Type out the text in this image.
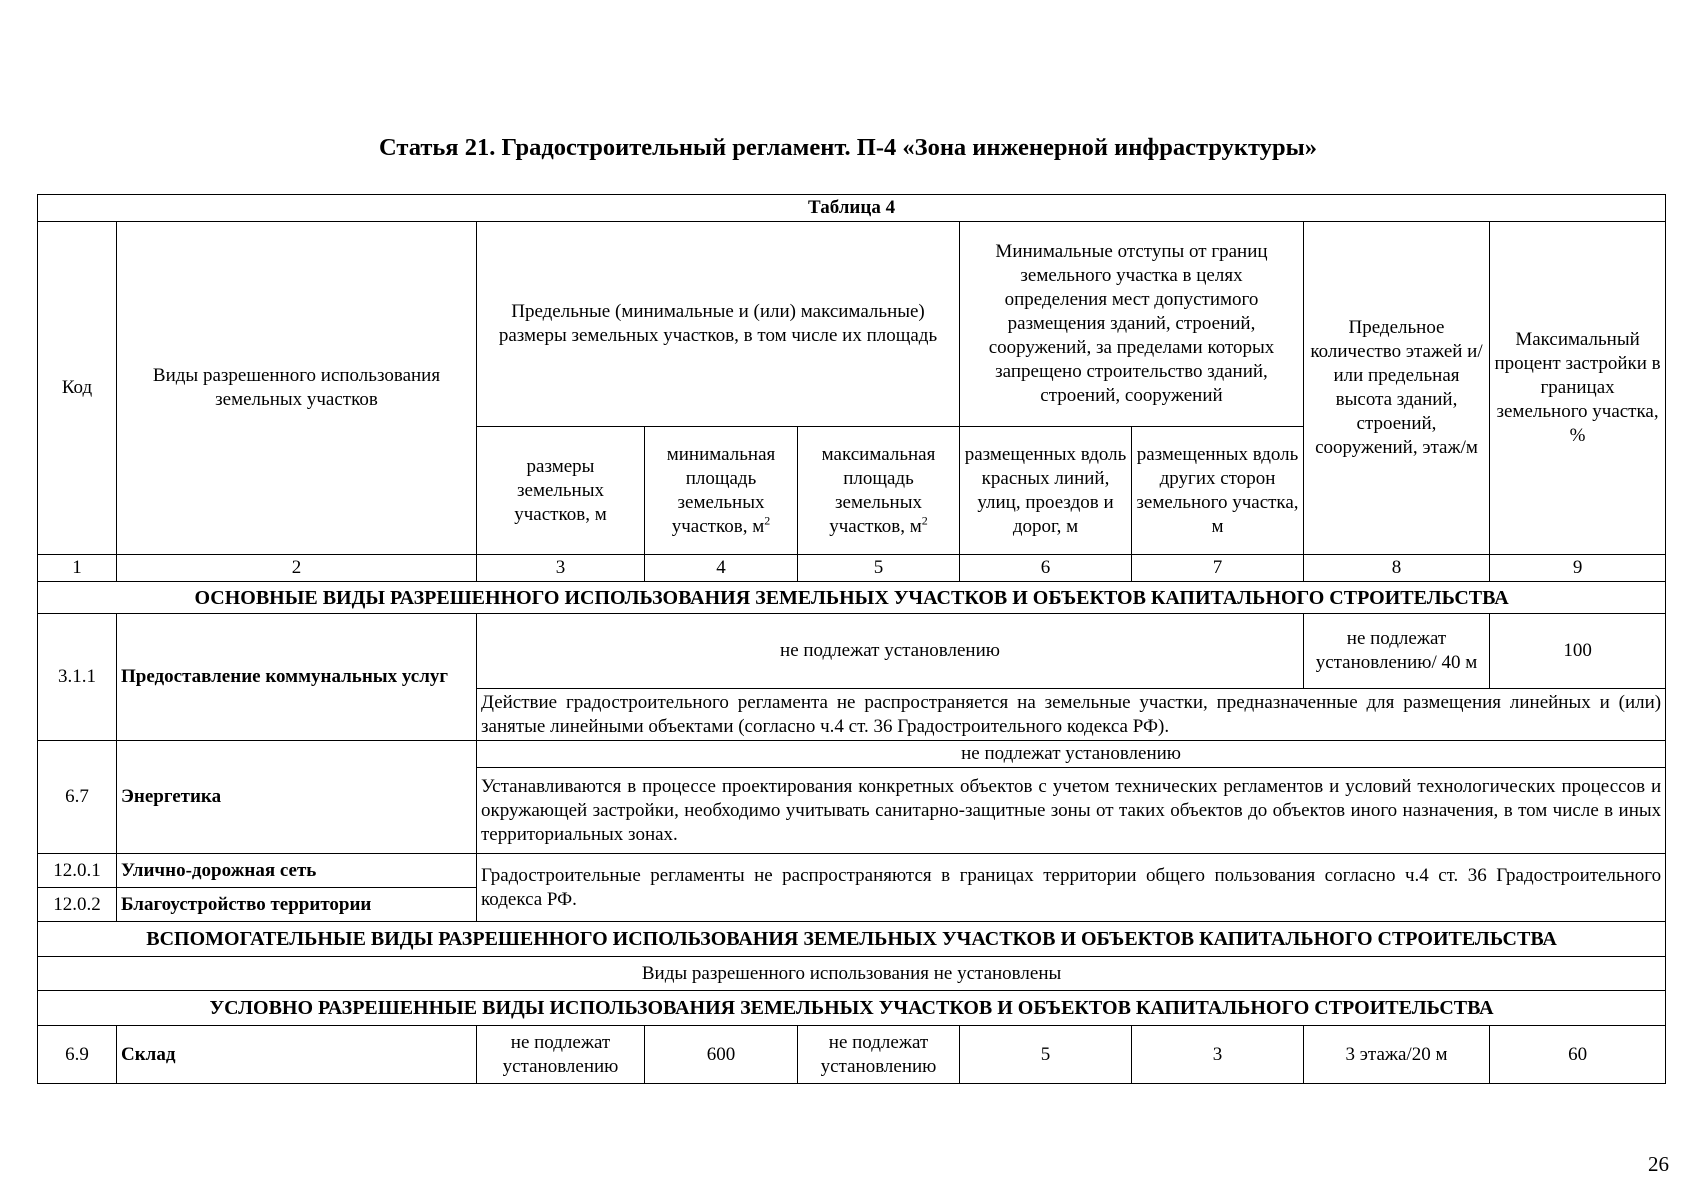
Статья 21. Градостроительный регламент. П-4 «Зона инженерной инфраструктуры»
Таблица 4								
Код	Виды разрешенного использования земельных участков	Предельные (минимальные и (или) максимальные) размеры земельных участков, в том числе их площадь			Минимальные отступы от границ земельного участка в целях определения мест допустимого размещения зданий, строений, сооружений, за пределами которых запрещено строительство зданий, строений, сооружений		Предельное количество этажей и/или предельная высота зданий, строений, сооружений, этаж/м	Максимальный процент застройки в границах земельного участка, %
		размеры земельных участков, м	минимальная площадь земельных участков, $м^2$	максимальная площадь земельных участков, $м^2$	размещенных вдоль красных линий, улиц, проездов и дорог, м	размещенных вдоль других сторон земельного участка, м		
1	2	3	4	5	6	7	8	9
ОСНОВНЫЕ ВИДЫ РАЗРЕШЕННОГО ИСПОЛЬЗОВАНИЯ ЗЕМЕЛЬНЫХ УЧАСТКОВ И ОБЪЕКТОВ КАПИТАЛЬНОГО СТРОИТЕЛЬСТВА								
3.1.1	Предоставление коммунальных услуг	не подлежат установлению					не подлежат установлению/ 40 м	100
		Действие градостроительного регламента не распространяется на земельные участки, предназначенные для размещения линейных и (или) занятые линейными объектами (согласно ч.4 ст. 36 Градостроительного кодекса РФ).						
6.7	Энергетика	не подлежат установлению						
		Устанавливаются в процессе проектирования конкретных объектов с учетом технических регламентов и условий технологических процессов и окружающей застройки, необходимо учитывать санитарно-защитные зоны от таких объектов до объектов иного назначения, в том числе в иных территориальных зонах.						
12.0.1	Улично-дорожная сеть	Градостроительные регламенты не распространяются в границах территории общего пользования согласно ч.4 ст. 36 Градостроительного кодекса РФ.						
12.0.2	Благоустройство территории							
ВСПОМОГАТЕЛЬНЫЕ ВИДЫ РАЗРЕШЕННОГО ИСПОЛЬЗОВАНИЯ ЗЕМЕЛЬНЫХ УЧАСТКОВ И ОБЪЕКТОВ КАПИТАЛЬНОГО СТРОИТЕЛЬСТВА								
Виды разрешенного использования не установлены								
УСЛОВНО РАЗРЕШЕННЫЕ ВИДЫ ИСПОЛЬЗОВАНИЯ ЗЕМЕЛЬНЫХ УЧАСТКОВ И ОБЪЕКТОВ КАПИТАЛЬНОГО СТРОИТЕЛЬСТВА								
6.9	Склад	не подлежат установлению	600	не подлежат установлению	5	3	3 этажа/20 м	60
26
